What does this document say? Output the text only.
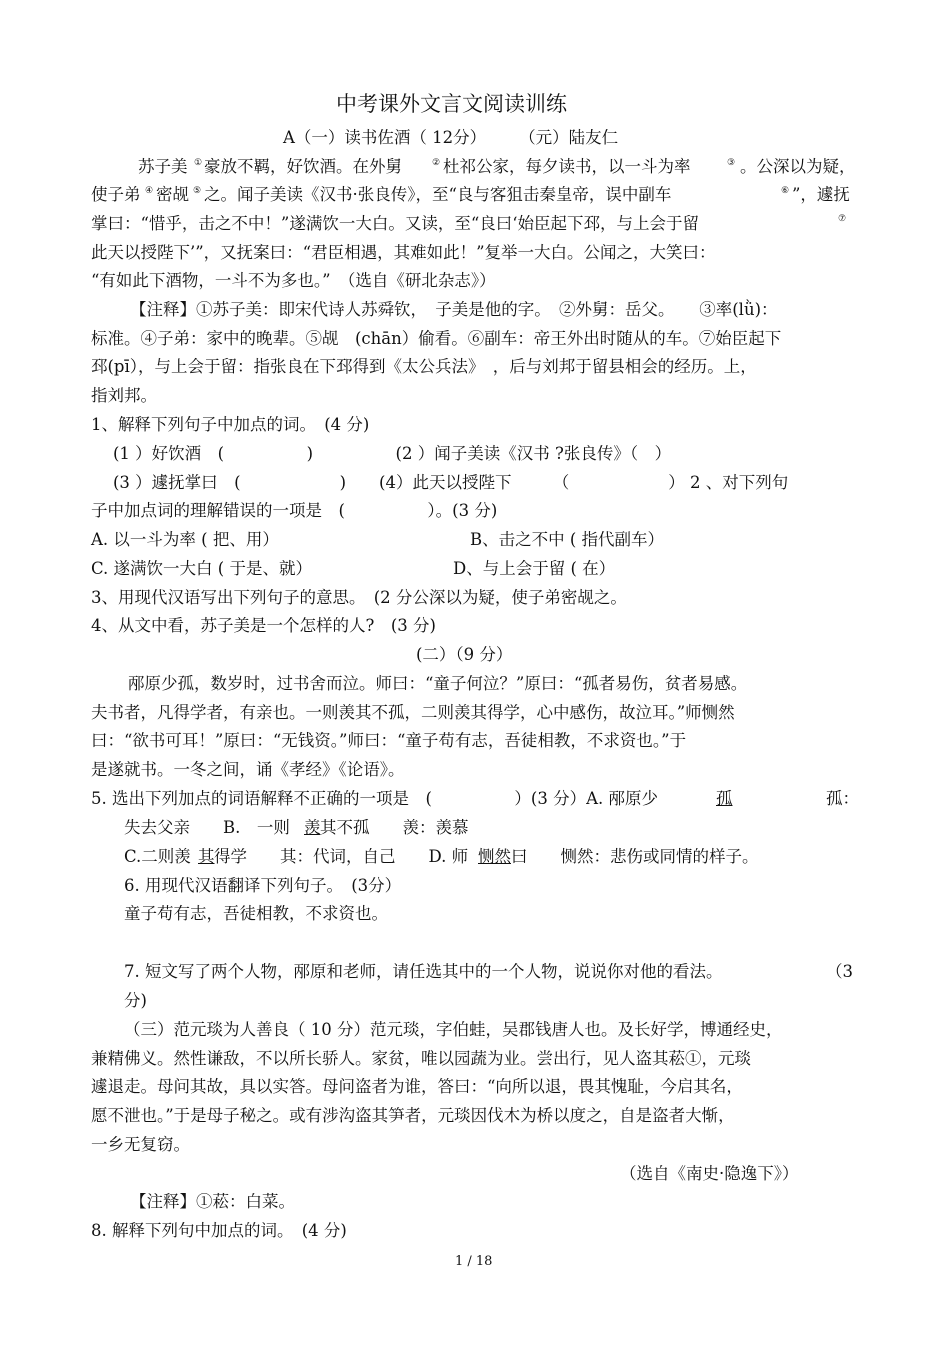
中考课外文言文阅读训练
A（一）读书佐酒（ 12分）　　　（元）陆友仁
苏子美 ① 豪放不羁，好饮酒。在外舅	② 杜祁公家，每夕读书，以一斗为率	③ 。公深以为疑，
使子弟 ④ 密觇 ⑤ 之。闻子美读《汉书·张良传》，至“良与客狙击秦皇帝，误中副车	⑥ ”，遽抚
掌曰：“惜乎，击之不中！”遂满饮一大白。又读，至“良曰‘始臣起下邳，与上会于留	⑦
此天以授陛下’”，又抚案曰：“君臣相遇，其难如此！”复举一大白。公闻之，大笑曰：
“有如此下酒物，一斗不为多也。”　（选自《研北杂志》）
【注释】①苏子美：即宋代诗人苏舜钦，　子美是他的字。　②外舅：岳父。　　③率(lǜ)：
标准。④子弟：家中的晚辈。⑤觇　(chān）偷看。⑥副车：帝王外出时随从的车。⑦始臣起下
邳(pī），与上会于留：指张良在下邳得到《太公兵法》　，后与刘邦于留县相会的经历。上，
指刘邦。
1、解释下列句子中加点的词。　(4 分)
(1 ）好饮酒　(　　　　　)　　　　　(2 ）闻子美读《汉书 ?张良传》（　）
(3 ）遽抚掌曰　(　　　　　　)　　(4）此天以授陛下　　　（　　　　　　） 2 、对下列句
子中加点词的理解错误的一项是　(　　　　　）。(3 分)
A. 以一斗为率 ( 把、用）	B、击之不中 ( 指代副车）
C. 遂满饮一大白 ( 于是、就）	D、与上会于留 ( 在）
3、用现代汉语写出下列句子的意思。　(2 分公深以为疑，使子弟密觇之。
4、从文中看，苏子美是一个怎样的人?　(3 分)
(二）（9 分）
邴原少孤，数岁时，过书舍而泣。师曰：“童子何泣？”原曰：“孤者易伤，贫者易感。
夫书者，凡得学者，有亲也。一则羡其不孤，二则羡其得学，心中感伤，故泣耳。”师恻然
曰：“欲书可耳！”原曰：“无钱资。”师曰：“童子苟有志，吾徒相教，不求资也。”于
是遂就书。一冬之间，诵《孝经》《论语》。
5. 选出下列加点的词语解释不正确的一项是　(　　　　　）(3 分）A. 邴原少	孤	孤：
失去父亲　　B.　一则 羡 其不孤　　羡：羡慕
C.二则羡 其 得学　　其：代词，自己　　D. 师 恻然 曰　　恻然：悲伤或同情的样子。
6. 用现代汉语翻译下列句子。　(3分）
童子苟有志，吾徒相教，不求资也。
7. 短文写了两个人物，邴原和老师，请任选其中的一个人物，说说你对他的看法。	（3
分)
（三）范元琰为人善良（ 10 分）范元琰，字伯蛙，吴郡钱唐人也。及长好学，博通经史，
兼精佛义。然性谦敌，不以所长骄人。家贫，唯以园蔬为业。尝出行，见人盗其菘①，元琰
遽退走。母问其故，具以实答。母问盗者为谁，答曰：“向所以退，畏其愧耻，今启其名，
愿不泄也。”于是母子秘之。或有涉沟盗其笋者，元琰因伐木为桥以度之，自是盗者大惭，
一乡无复窃。
（选自《南史·隐逸下》）
【注释】①菘：白菜。
8. 解释下列句中加点的词。　(4 分)
1 / 18
